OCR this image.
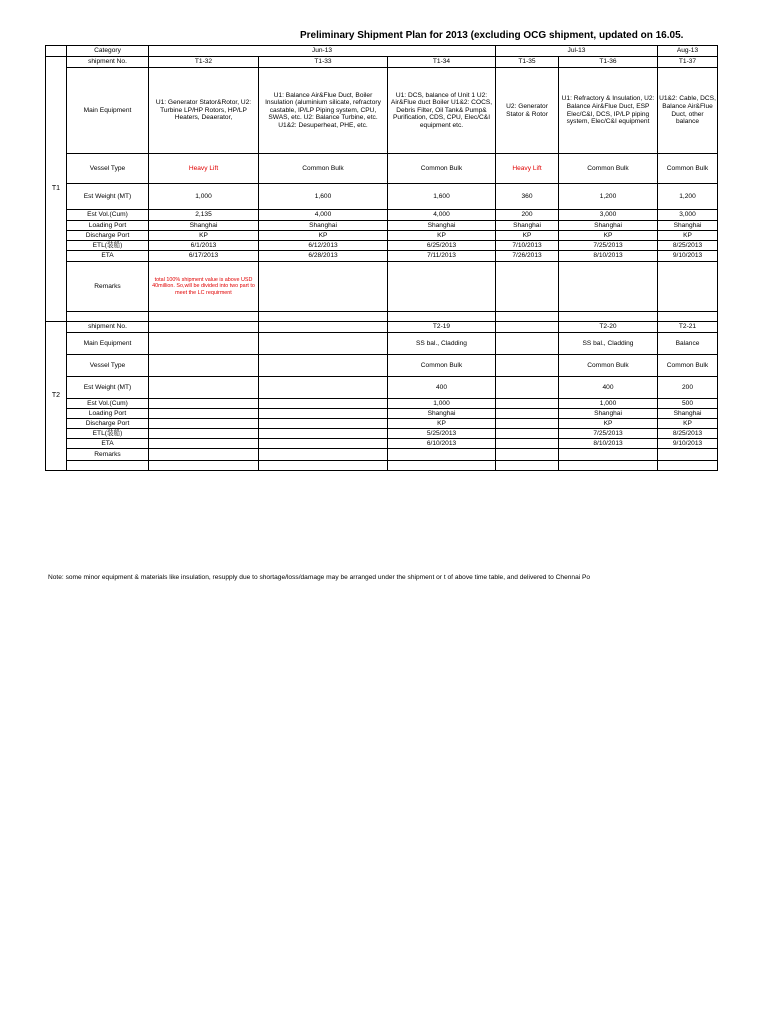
Preliminary Shipment Plan for 2013 (excluding OCG shipment, updated on 16.05.
	Category	Jun-13			Jul-13		Aug-13
T1	shipment No.	T1-32	T1-33	T1-34	T1-35	T1-36	T1-37
	Main Equipment	U1: Generator Stator&Rotor, U2: Turbine LP/HP Rotors, HP/LP Heaters, Deaerator,	U1: Balance Air&Flue Duct, Boiler Insulation (aluminium silicate, refractory castable, IP/LP Piping system, CPU, SWAS, etc. U2: Balance Turbine, etc. U1&2: Desuperheat, PHE, etc.	U1: DCS, balance of Unit 1 U2: Air&Flue duct Boiler U1&2: COCS, Debris Filter, Oil Tank& Pump& Purification, CDS, CPU, Elec/C&I equipment etc.	U2: Generator Stator & Rotor	U1: Refractory & Insulation, U2: Balance Air&Flue Duct, ESP Elec/C&I, DCS, IP/LP piping system, Elec/C&I equipment	U1&2: Cable, DCS, Balance Air&Flue Duct, other balance
	Vessel Type	Heavy Lift	Common Bulk	Common Bulk	Heavy Lift	Common Bulk	Common Bulk
	Est Weight (MT)	1,000	1,600	1,600	360	1,200	1,200
	Est Vol.(Cum)	2,135	4,000	4,000	200	3,000	3,000
	Loading Port	Shanghai	Shanghai	Shanghai	Shanghai	Shanghai	Shanghai
	Discharge Port	KP	KP	KP	KP	KP	KP
	ETL(装船)	6/1/2013	6/12/2013	6/25/2013	7/10/2013	7/25/2013	8/25/2013
	ETA	6/17/2013	6/28/2013	7/11/2013	7/26/2013	8/10/2013	9/10/2013
	Remarks	total 100% shipment value is above USD 40million. So,will be divided into two part to meet the LC requirment					

T2	shipment No.			T2-19		T2-20	T2-21
	Main Equipment			SS bal., Cladding		SS bal., Cladding	Balance
	Vessel Type			Common Bulk		Common Bulk	Common Bulk
	Est Weight (MT)			400		400	200
	Est Vol.(Cum)			1,000		1,000	500
	Loading Port			Shanghai		Shanghai	Shanghai
	Discharge Port			KP		KP	KP
	ETL(装船)			5/25/2013		7/25/2013	8/25/2013
	ETA			6/10/2013		8/10/2013	9/10/2013
	Remarks						

Note: some minor equipment & materials like insulation, resupply due to shortage/loss/damage may be arranged under the shipment or t of above time table, and delivered to Chennai Po
